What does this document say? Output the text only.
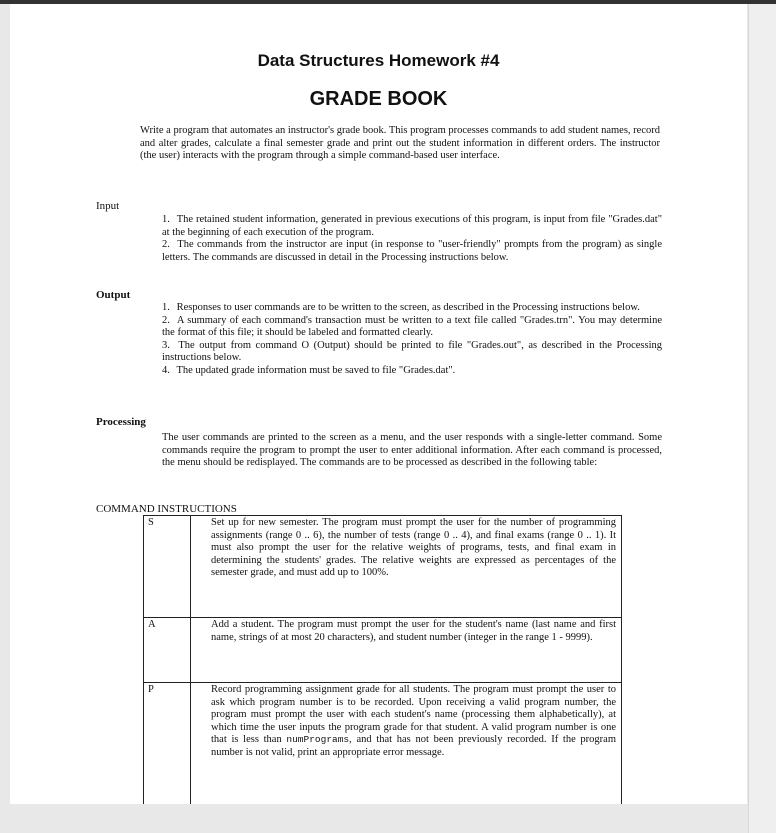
Data Structures Homework #4
GRADE BOOK
Write a program that automates an instructor's grade book. This program processes commands to add student names, record and alter grades, calculate a final semester grade and print out the student information in different orders. The instructor (the user) interacts with the program through a simple command-based user interface.
Input

1. The retained student information, generated in previous executions of this program, is input from file "Grades.dat" at the beginning of each execution of the program.

2. The commands from the instructor are input (in response to "user-friendly" prompts from the program) as single letters. The commands are discussed in detail in the Processing instructions below.

Output

1. Responses to user commands are to be written to the screen, as described in the Processing instructions below.

2. A summary of each command's transaction must be written to a text file called "Grades.trn". You may determine the format of this file; it should be labeled and formatted clearly.

3. The output from command O (Output) should be printed to file "Grades.out", as described in the Processing instructions below.

4. The updated grade information must be saved to file "Grades.dat".

Processing
The user commands are printed to the screen as a menu, and the user responds with a single-letter command. Some commands require the program to prompt the user to enter additional information. After each command is processed, the menu should be redisplayed. The commands are to be processed as described in the following table:
COMMAND INSTRUCTIONS
S	Set up for new semester. The program must prompt the user for the number of programming assignments (range 0 .. 6), the number of tests (range 0 .. 4), and final exams (range 0 .. 1). It must also prompt the user for the relative weights of programs, tests, and final exam in determining the students' grades. The relative weights are expressed as percentages of the semester grade, and must add up to 100%.
A	Add a student. The program must prompt the user for the student's name (last name and first name, strings of at most 20 characters), and student number (integer in the range 1 - 9999).
P	Record programming assignment grade for all students. The program must prompt the user to ask which program number is to be recorded. Upon receiving a valid program number, the program must prompt the user with each student's name (processing them alphabetically), at which time the user inputs the program grade for that student. A valid program number is one that is less than numPrograms, and that has not been previously recorded. If the program number is not valid, print an appropriate error message.
